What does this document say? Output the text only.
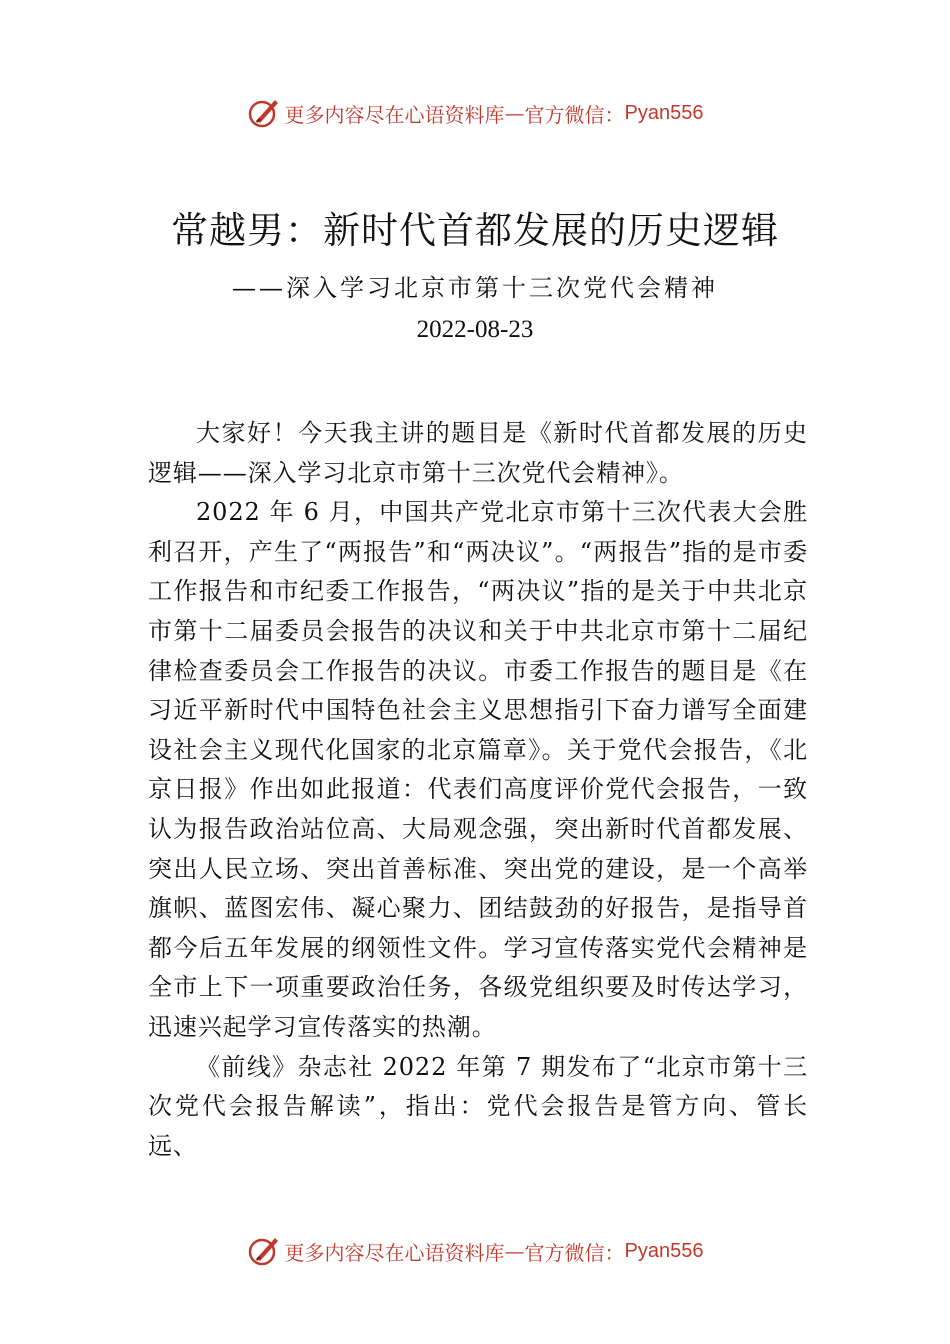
更多内容尽在心语资料库 — 官方微信： Pyan556
常越男：新时代首都发展的历史逻辑
——深入学习北京市第十三次党代会精神
2022-08-23

大家好！今天我主讲的题目是《新时代首都发展的历史逻辑——深入学习北京市第十三次党代会精神》。

2022 年 6 月，中国共产党北京市第十三次代表大会胜利召开，产生了“两报告”和“两决议”。“两报告”指的是市委工作报告和市纪委工作报告，“两决议”指的是关于中共北京市第十二届委员会报告的决议和关于中共北京市第十二届纪律检查委员会工作报告的决议。市委工作报告的题目是《在习近平新时代中国特色社会主义思想指引下奋力谱写全面建设社会主义现代化国家的北京篇章》。关于党代会报告，《北京日报》作出如此报道：代表们高度评价党代会报告，一致认为报告政治站位高、大局观念强，突出新时代首都发展、突出人民立场、突出首善标准、突出党的建设，是一个高举旗帜、蓝图宏伟、凝心聚力、团结鼓劲的好报告，是指导首都今后五年发展的纲领性文件。学习宣传落实党代会精神是全市上下一项重要政治任务，各级党组织要及时传达学习，迅速兴起学习宣传落实的热潮。

《前线》杂志社 2022 年第 7 期发布了“北京市第十三次党代会报告解读”，指出：党代会报告是管方向、管长远、

更多内容尽在心语资料库 — 官方微信： Pyan556
